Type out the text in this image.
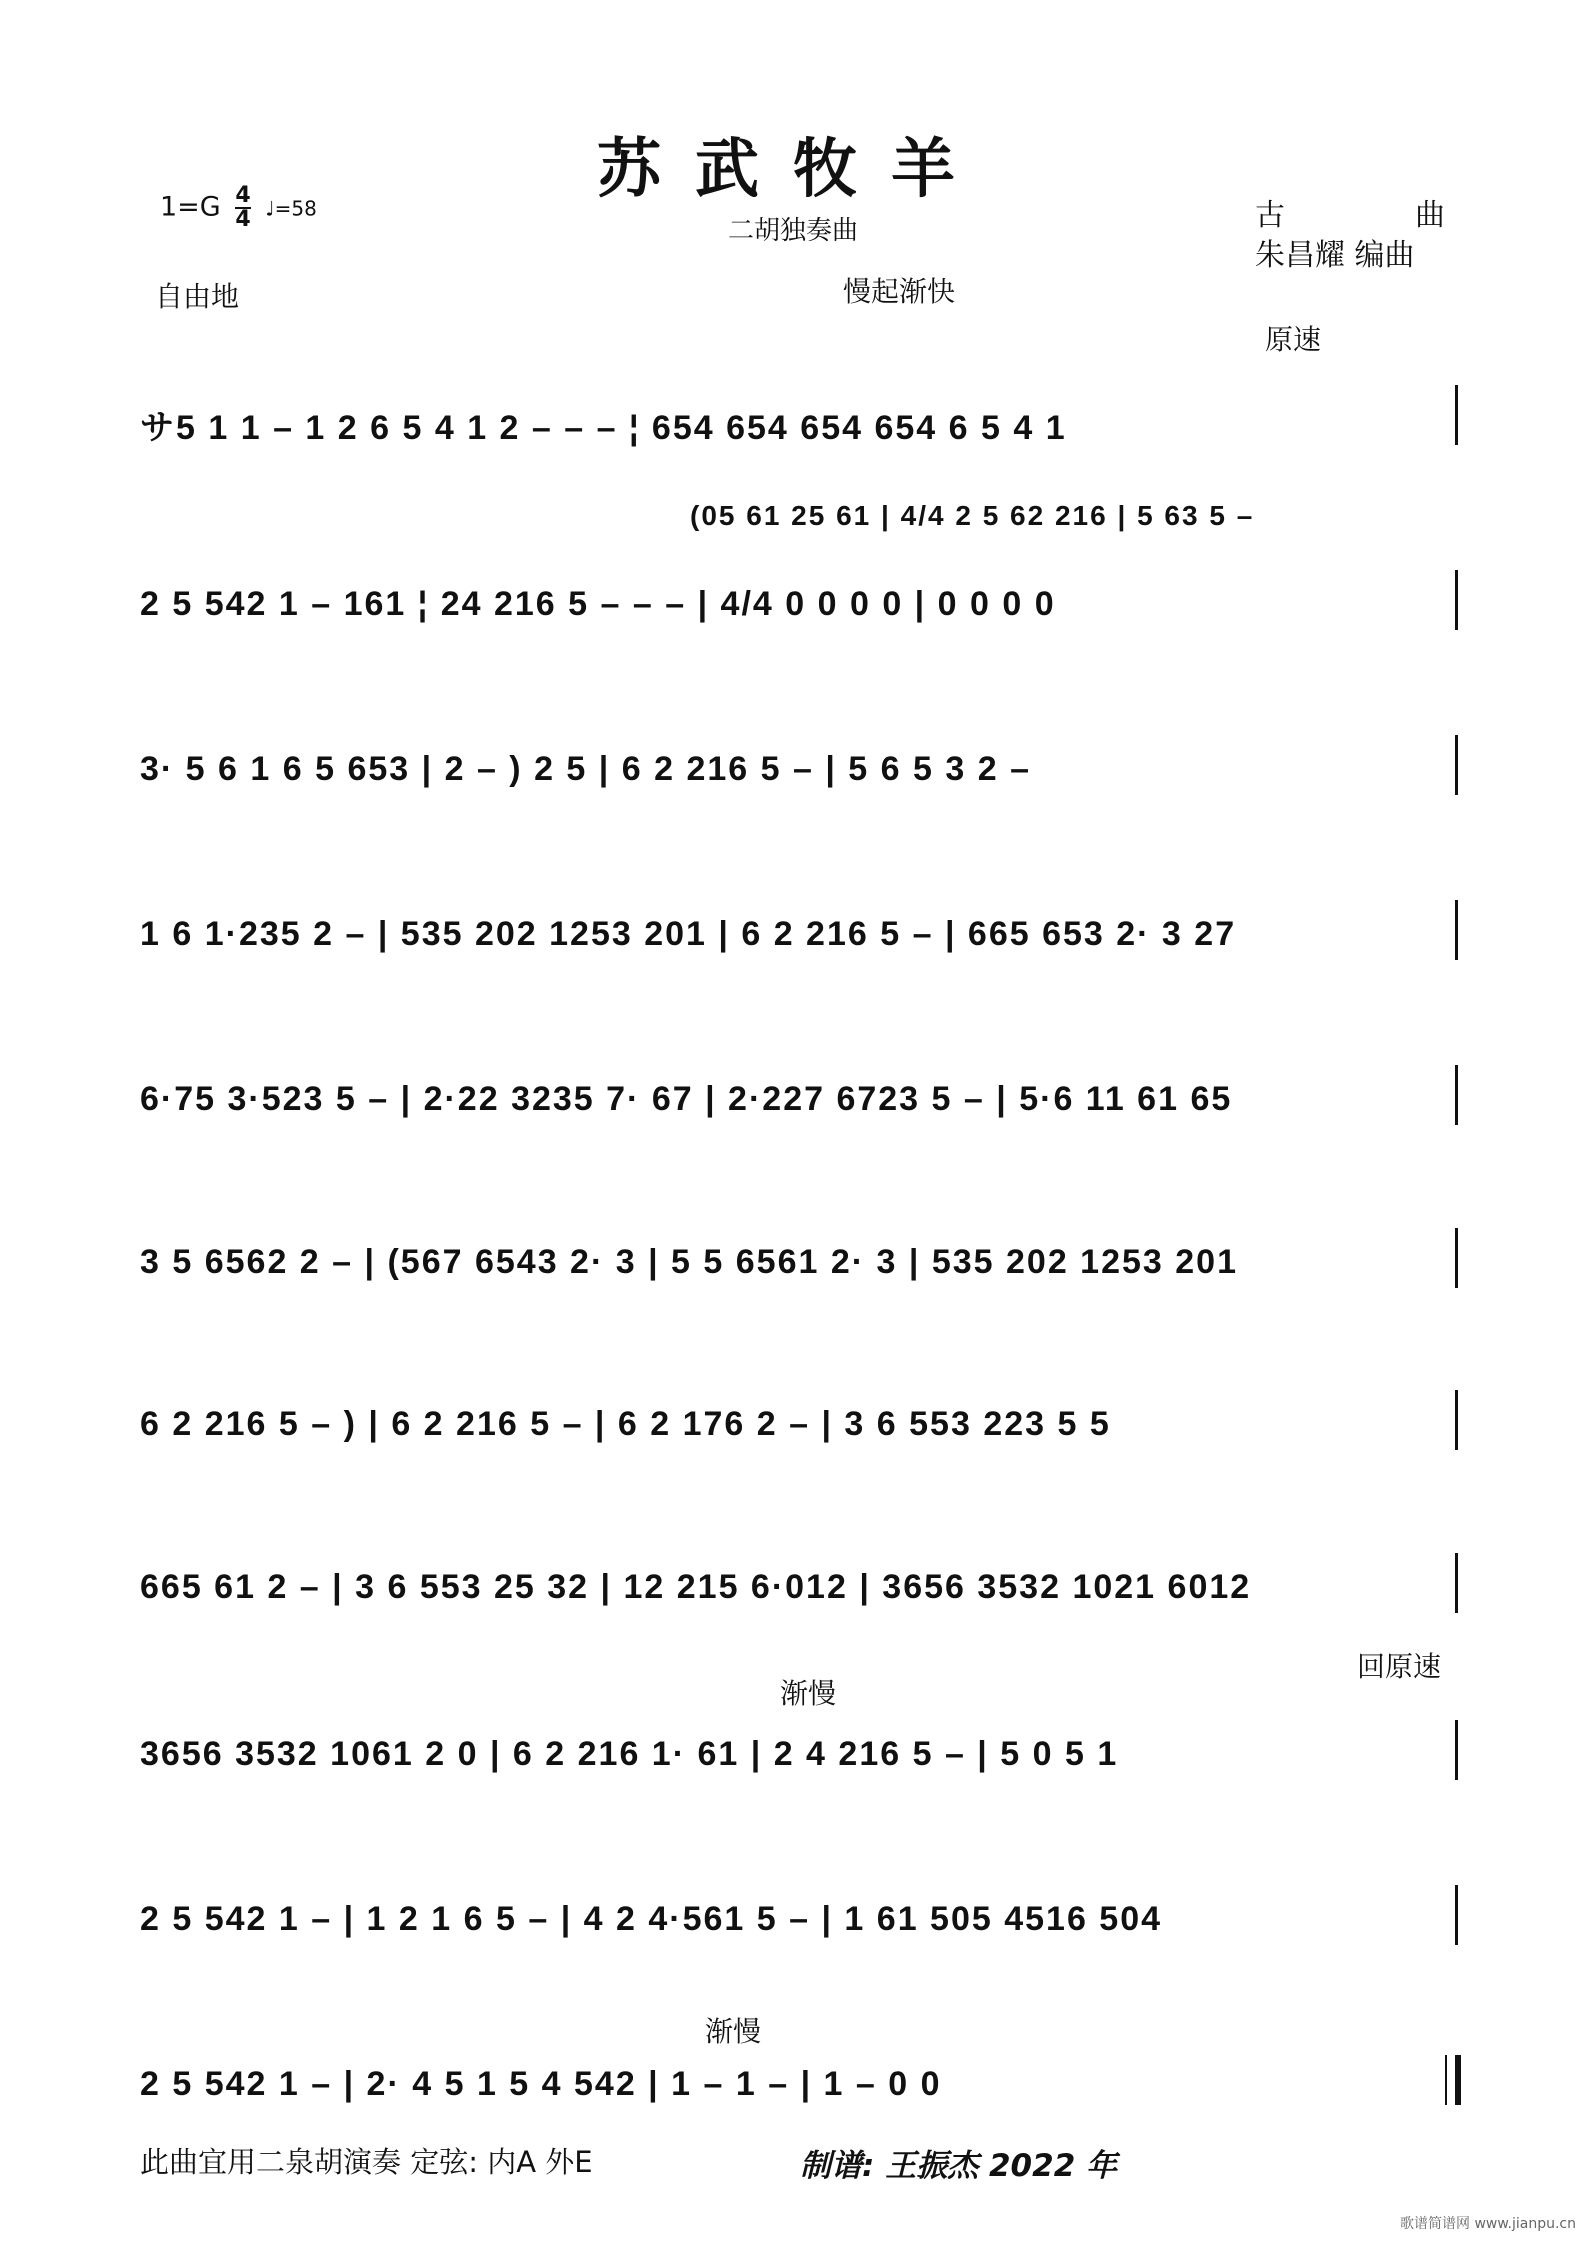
苏武牧羊
二胡独奏曲
$1=G \frac{4}{4}$ ♩=58	古	曲
朱昌耀 编曲
自由地	慢起渐快
原速
渐慢
回原速
渐慢
(05 61 25 61 | 4/4 2 5 62 216 | 5 63 5 –
サ5 1 1 – 1 2 6 5 4 1 2 – – – ¦ 654 654 654 654 6 5 4 1
2 5 542 1 – 161 ¦ 24 216 5 – – – | 4/4 0 0 0 0 | 0 0 0 0
3· 5 6 1 6 5 653 | 2 – ) 2 5 | 6 2 216 5 – | 5 6 5 3 2 –
1 6 1·235 2 – | 535 202 1253 201 | 6 2 216 5 – | 665 653 2· 3 27
6·75 3·523 5 – | 2·22 3235 7· 67 | 2·227 6723 5 – | 5·6 11 61 65
3 5 6562 2 – | (567 6543 2· 3 | 5 5 6561 2· 3 | 535 202 1253 201
6 2 216 5 – ) | 6 2 216 5 – | 6 2 176 2 – | 3 6 553 223 5 5
665 61 2 – | 3 6 553 25 32 | 12 215 6·012 | 3656 3532 1021 6012
3656 3532 1061 2 0 | 6 2 216 1· 61 | 2 4 216 5 – | 5 0 5 1
2 5 542 1 – | 1 2 1 6 5 – | 4 2 4·561 5 – | 1 61 505 4516 504
2 5 542 1 – | 2· 4 5 1 5 4 542 | 1 – 1 – | 1 – 0 0
此曲宜用二泉胡演奏 定弦: 内A 外E	制谱: 王振杰 2022 年
歌谱简谱网 www.jianpu.cn
